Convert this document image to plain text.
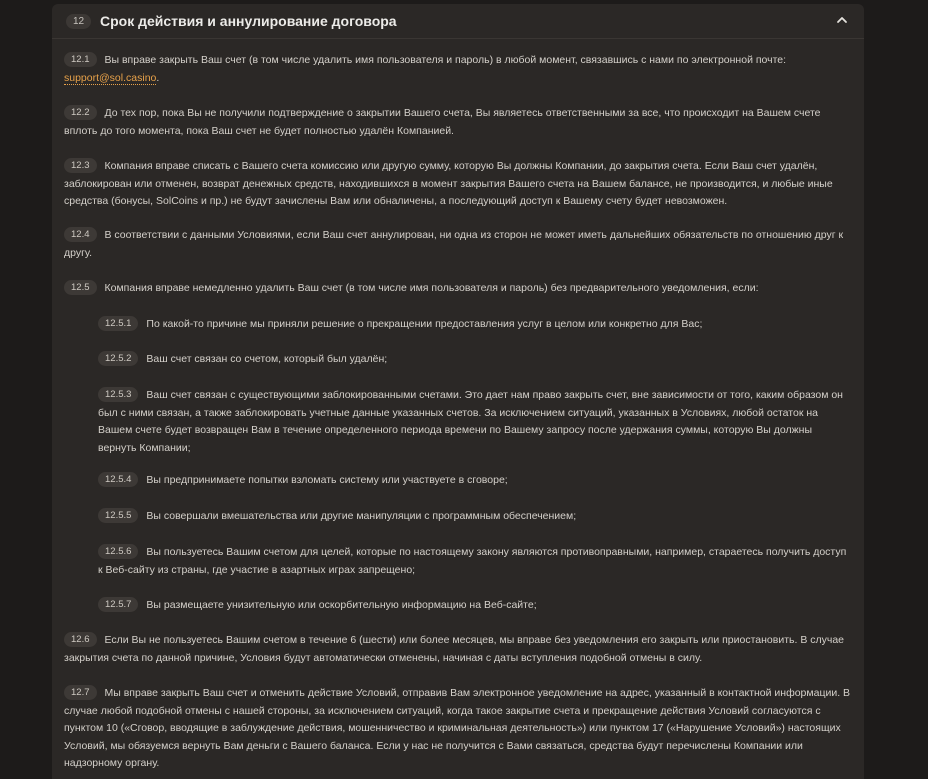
12	Срок действия и аннулирование договора
12.1 Вы вправе закрыть Ваш счет (в том числе удалить имя пользователя и пароль) в любой момент, связавшись с нами по электронной почте: support@sol.casino.
12.2 До тех пор, пока Вы не получили подтверждение о закрытии Вашего счета, Вы являетесь ответственными за все, что происходит на Вашем счете вплоть до того момента, пока Ваш счет не будет полностью удалён Компанией.
12.3 Компания вправе списать с Вашего счета комиссию или другую сумму, которую Вы должны Компании, до закрытия счета. Если Ваш счет удалён, заблокирован или отменен, возврат денежных средств, находившихся в момент закрытия Вашего счета на Вашем балансе, не производится, и любые иные средства (бонусы, SolCoins и пр.) не будут зачислены Вам или обналичены, а последующий доступ к Вашему счету будет невозможен.
12.4 В соответствии с данными Условиями, если Ваш счет аннулирован, ни одна из сторон не может иметь дальнейших обязательств по отношению друг к другу.
12.5 Компания вправе немедленно удалить Ваш счет (в том числе имя пользователя и пароль) без предварительного уведомления, если:
12.5.1 По какой-то причине мы приняли решение о прекращении предоставления услуг в целом или конкретно для Вас;
12.5.2 Ваш счет связан со счетом, который был удалён;
12.5.3 Ваш счет связан с существующими заблокированными счетами. Это дает нам право закрыть счет, вне зависимости от того, каким образом он был с ними связан, а также заблокировать учетные данные указанных счетов. За исключением ситуаций, указанных в Условиях, любой остаток на Вашем счете будет возвращен Вам в течение определенного периода времени по Вашему запросу после удержания суммы, которую Вы должны вернуть Компании;
12.5.4 Вы предпринимаете попытки взломать систему или участвуете в сговоре;
12.5.5 Вы совершали вмешательства или другие манипуляции с программным обеспечением;
12.5.6 Вы пользуетесь Вашим счетом для целей, которые по настоящему закону являются противоправными, например, стараетесь получить доступ к Веб-сайту из страны, где участие в азартных играх запрещено;
12.5.7 Вы размещаете унизительную или оскорбительную информацию на Веб-сайте;
12.6 Если Вы не пользуетесь Вашим счетом в течение 6 (шести) или более месяцев, мы вправе без уведомления его закрыть или приостановить. В случае закрытия счета по данной причине, Условия будут автоматически отменены, начиная с даты вступления подобной отмены в силу.
12.7 Мы вправе закрыть Ваш счет и отменить действие Условий, отправив Вам электронное уведомление на адрес, указанный в контактной информации. В случае любой подобной отмены с нашей стороны, за исключением ситуаций, когда такое закрытие счета и прекращение действия Условий согласуются с пунктом 10 («Сговор, вводящие в заблуждение действия, мошенничество и криминальная деятельность») или пунктом 17 («Нарушение Условий») настоящих Условий, мы обязуемся вернуть Вам деньги с Вашего баланса. Если у нас не получится с Вами связаться, средства будут перечислены Компании или надзорному органу.
